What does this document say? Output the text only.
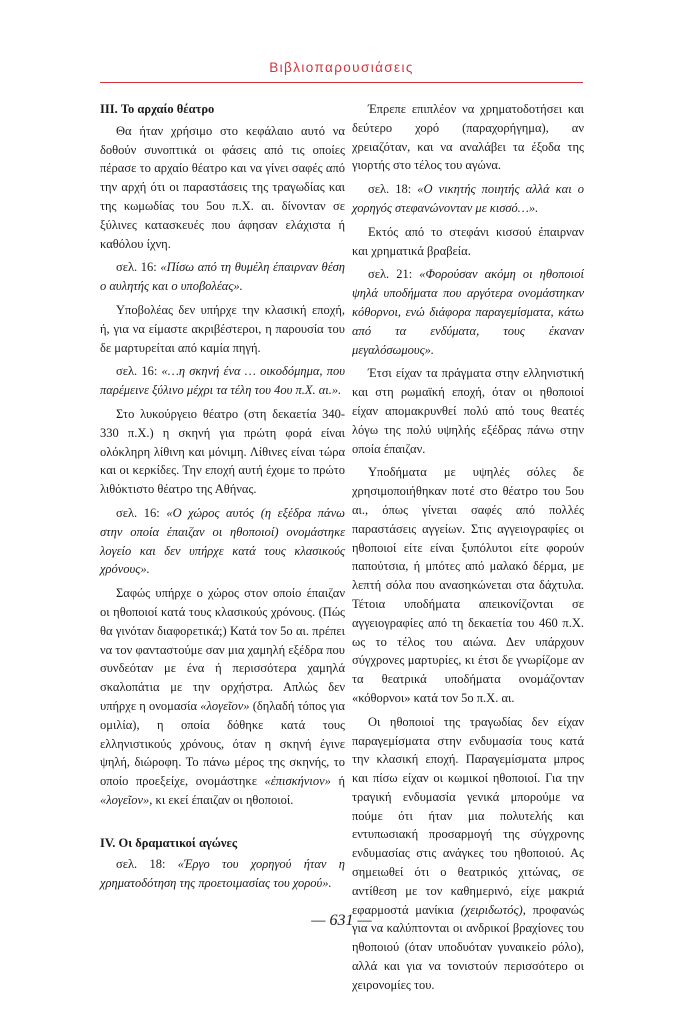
Βιβλιοπαρουσιάσεις
III. Το αρχαίο θέατρο

Θα ήταν χρήσιμο στο κεφάλαιο αυτό να δοθούν συνοπτικά οι φάσεις από τις οποίες πέρασε το αρχαίο θέατρο και να γίνει σαφές από την αρχή ότι οι παραστάσεις της τραγωδίας και της κωμωδίας του 5ου π.Χ. αι. δίνονταν σε ξύλινες κατασκευές που άφησαν ελάχιστα ή καθόλου ίχνη.

σελ. 16: «Πίσω από τη θυμέλη έπαιρναν θέση ο αυλητής και ο υποβολέας».

Υποβολέας δεν υπήρχε την κλασική εποχή, ή, για να είμαστε ακριβέστεροι, η παρουσία του δε μαρτυρείται από καμία πηγή.

σελ. 16: «…η σκηνή ένα … οικοδόμημα, που παρέμεινε ξύλινο μέχρι τα τέλη του 4ου π.Χ. αι.».

Στο λυκούργειο θέατρο (στη δεκαετία 340-330 π.Χ.) η σκηνή για πρώτη φορά είναι ολόκληρη λίθινη και μόνιμη. Λίθινες είναι τώρα και οι κερκίδες. Την εποχή αυτή έχομε το πρώτο λιθόκτιστο θέατρο της Αθήνας.

σελ. 16: «Ο χώρος αυτός (η εξέδρα πάνω στην οποία έπαιζαν οι ηθοποιοί) ονομάστηκε λογείο και δεν υπήρχε κατά τους κλασικούς χρόνους».

Σαφώς υπήρχε ο χώρος στον οποίο έπαιζαν οι ηθοποιοί κατά τους κλασικούς χρόνους. (Πώς θα γινόταν διαφορετικά;) Κατά τον 5ο αι. πρέπει να τον φανταστούμε σαν μια χαμηλή εξέδρα που συνδεόταν με ένα ή περισσότερα χαμηλά σκαλοπάτια με την ορχήστρα. Απλώς δεν υπήρχε η ονομασία «λογεῖον» (δηλαδή τόπος για ομιλία), η οποία δόθηκε κατά τους ελληνιστικούς χρόνους, όταν η σκηνή έγινε ψηλή, διώροφη. Το πάνω μέρος της σκηνής, το οποίο προεξείχε, ονομάστηκε «ἐπισκήνιον» ή «λογεῖον», κι εκεί έπαιζαν οι ηθοποιοί.

IV. Οι δραματικοί αγώνες

σελ. 18: «Έργο του χορηγού ήταν η χρηματοδότηση της προετοιμασίας του χορού».

Έπρεπε επιπλέον να χρηματοδοτήσει και δεύτερο χορό (παραχορήγημα), αν χρειαζόταν, και να αναλάβει τα έξοδα της γιορτής στο τέλος του αγώνα.

σελ. 18: «Ο νικητής ποιητής αλλά και ο χορηγός στεφανώνονταν με κισσό…».

Εκτός από το στεφάνι κισσού έπαιρναν και χρηματικά βραβεία.

σελ. 21: «Φορούσαν ακόμη οι ηθοποιοί ψηλά υποδήματα που αργότερα ονομάστηκαν κόθορνοι, ενώ διάφορα παραγεμίσματα, κάτω από τα ενδύματα, τους έκαναν μεγαλόσωμους».

Έτσι είχαν τα πράγματα στην ελληνιστική και στη ρωμαϊκή εποχή, όταν οι ηθοποιοί είχαν απομακρυνθεί πολύ από τους θεατές λόγω της πολύ υψηλής εξέδρας πάνω στην οποία έπαιζαν.

Υποδήματα με υψηλές σόλες δε χρησιμοποιήθηκαν ποτέ στο θέατρο του 5ου αι., όπως γίνεται σαφές από πολλές παραστάσεις αγγείων. Στις αγγειογραφίες οι ηθοποιοί είτε είναι ξυπόλυτοι είτε φορούν παπούτσια, ή μπότες από μαλακό δέρμα, με λεπτή σόλα που ανασηκώνεται στα δάχτυλα. Τέτοια υποδήματα απεικονίζονται σε αγγειογραφίες από τη δεκαετία του 460 π.Χ. ως το τέλος του αιώνα. Δεν υπάρχουν σύγχρονες μαρτυρίες, κι έτσι δε γνωρίζομε αν τα θεατρικά υποδήματα ονομάζονταν «κόθορνοι» κατά τον 5ο π.Χ. αι.

Οι ηθοποιοί της τραγωδίας δεν είχαν παραγεμίσματα στην ενδυμασία τους κατά την κλασική εποχή. Παραγεμίσματα μπρος και πίσω είχαν οι κωμικοί ηθοποιοί. Για την τραγική ενδυμασία γενικά μπορούμε να πούμε ότι ήταν μια πολυτελής και εντυπωσιακή προσαρμογή της σύγχρονης ενδυμασίας στις ανάγκες του ηθοποιού. Ας σημειωθεί ότι ο θεατρικός χιτώνας, σε αντίθεση με τον καθημερινό, είχε μακριά εφαρμοστά μανίκια (χειριδωτός), προφανώς για να καλύπτονται οι ανδρικοί βραχίονες του ηθοποιού (όταν υποδυόταν γυναικείο ρόλο), αλλά και για να τονιστούν περισσότερο οι χειρονομίες του.

— 631 —
